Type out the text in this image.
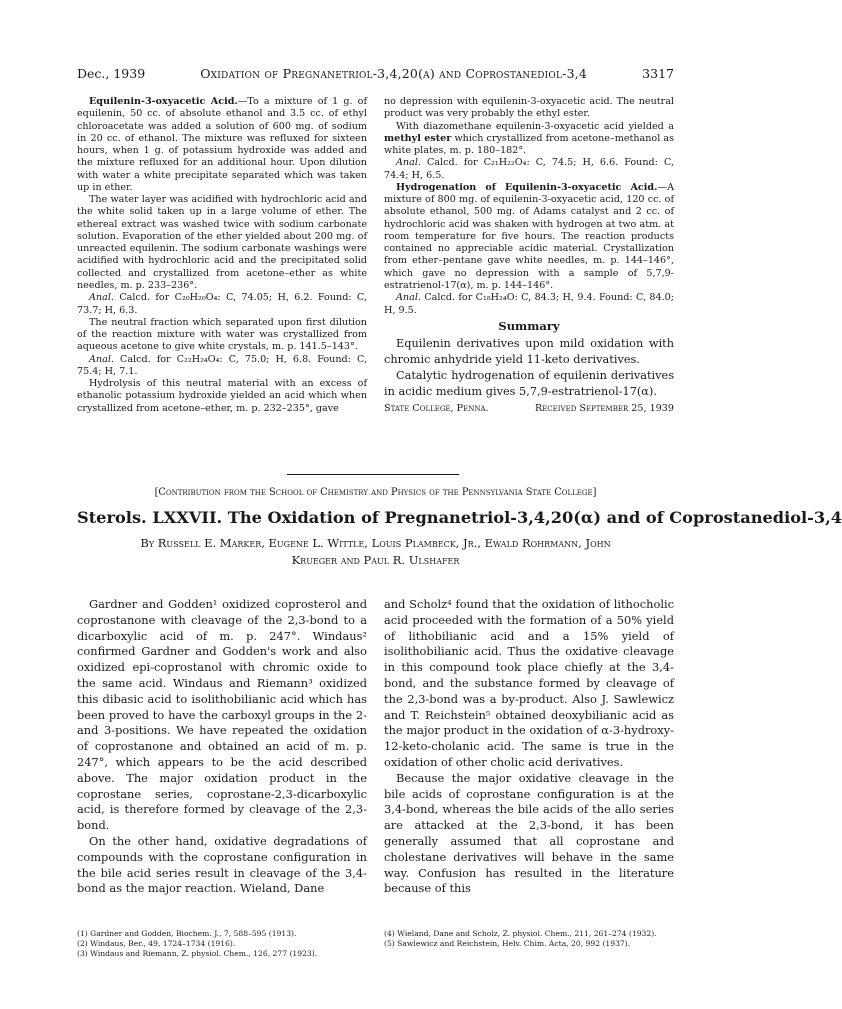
Dec., 1939	Oxidation of Pregnanetriol-3,4,20(α) and Coprostanediol-3,4	3317

Equilenin-3-oxyacetic Acid.—To a mixture of 1 g. of equilenin, 50 cc. of absolute ethanol and 3.5 cc. of ethyl chloroacetate was added a solution of 600 mg. of sodium in 20 cc. of ethanol. The mixture was refluxed for sixteen hours, when 1 g. of potassium hydroxide was added and the mixture refluxed for an additional hour. Upon dilution with water a white precipitate separated which was taken up in ether.

The water layer was acidified with hydrochloric acid and the white solid taken up in a large volume of ether. The ethereal extract was washed twice with sodium carbonate solution. Evaporation of the ether yielded about 200 mg. of unreacted equilenin. The sodium carbonate washings were acidified with hydrochloric acid and the precipitated solid collected and crystallized from acetone–ether as white needles, m. p. 233–236°.

Anal. Calcd. for C₂₀H₂₀O₄: C, 74.05; H, 6.2. Found: C, 73.7; H, 6.3.

The neutral fraction which separated upon first dilution of the reaction mixture with water was crystallized from aqueous acetone to give white crystals, m. p. 141.5–143°.

Anal. Calcd. for C₂₂H₂₄O₄: C, 75.0; H, 6.8. Found: C, 75.4; H, 7.1.

Hydrolysis of this neutral material with an excess of ethanolic potassium hydroxide yielded an acid which when crystallized from acetone–ether, m. p. 232–235°, gave

no depression with equilenin-3-oxyacetic acid. The neutral product was very probably the ethyl ester.

With diazomethane equilenin-3-oxyacetic acid yielded a methyl ester which crystallized from acetone–methanol as white plates, m. p. 180–182°.

Anal. Calcd. for C₂₁H₂₂O₄: C, 74.5; H, 6.6. Found: C, 74.4; H, 6.5.

Hydrogenation of Equilenin-3-oxyacetic Acid.—A mixture of 800 mg. of equilenin-3-oxyacetic acid, 120 cc. of absolute ethanol, 500 mg. of Adams catalyst and 2 cc. of hydrochloric acid was shaken with hydrogen at two atm. at room temperature for five hours. The reaction products contained no appreciable acidic material. Crystallization from ether–pentane gave white needles, m. p. 144–146°, which gave no depression with a sample of 5,7,9-estratrienol-17(α), m. p. 144–146°.

Anal. Calcd. for C₁₈H₂₄O: C, 84.3; H, 9.4. Found: C, 84.0; H, 9.5.

Summary

Equilenin derivatives upon mild oxidation with chromic anhydride yield 11-keto derivatives.

Catalytic hydrogenation of equilenin derivatives in acidic medium gives 5,7,9-estratrienol-17(α).

State College, Penna.	Received September 25, 1939
[Contribution from the School of Chemistry and Physics of the Pennsylvania State College]
Sterols. LXXVII. The Oxidation of Pregnanetriol-3,4,20(α) and of Coprostanediol-3,4
By Russell E. Marker, Eugene L. Wittle, Louis Plambeck, Jr., Ewald Rohrmann, John
Krueger and Paul R. Ulshafer

Gardner and Godden¹ oxidized coprosterol and coprostanone with cleavage of the 2,3-bond to a dicarboxylic acid of m. p. 247°. Windaus² confirmed Gardner and Godden's work and also oxidized epi-coprostanol with chromic oxide to the same acid. Windaus and Riemann³ oxidized this dibasic acid to isolithobilianic acid which has been proved to have the carboxyl groups in the 2- and 3-positions. We have repeated the oxidation of coprostanone and obtained an acid of m. p. 247°, which appears to be the acid described above. The major oxidation product in the coprostane series, coprostane-2,3-dicarboxylic acid, is therefore formed by cleavage of the 2,3-bond.

On the other hand, oxidative degradations of compounds with the coprostane configuration in the bile acid series result in cleavage of the 3,4-bond as the major reaction. Wieland, Dane

and Scholz⁴ found that the oxidation of lithocholic acid proceeded with the formation of a 50% yield of lithobilianic acid and a 15% yield of isolithobilianic acid. Thus the oxidative cleavage in this compound took place chiefly at the 3,4-bond, and the substance formed by cleavage of the 2,3-bond was a by-product. Also J. Sawlewicz and T. Reichstein⁵ obtained deoxybilianic acid as the major product in the oxidation of α-3-hydroxy-12-keto-cholanic acid. The same is true in the oxidation of other cholic acid derivatives.

Because the major oxidative cleavage in the bile acids of coprostane configuration is at the 3,4-bond, whereas the bile acids of the allo series are attacked at the 2,3-bond, it has been generally assumed that all coprostane and cholestane derivatives will behave in the same way. Confusion has resulted in the literature because of this

(1) Gardner and Godden, Biochem. J., 7, 588–595 (1913).
(2) Windaus, Ber., 49, 1724–1734 (1916).
(3) Windaus and Riemann, Z. physiol. Chem., 126, 277 (1923).
(4) Wieland, Dane and Scholz, Z. physiol. Chem., 211, 261–274 (1932).
(5) Sawlewicz and Reichstein, Helv. Chim. Acta, 20, 992 (1937).
